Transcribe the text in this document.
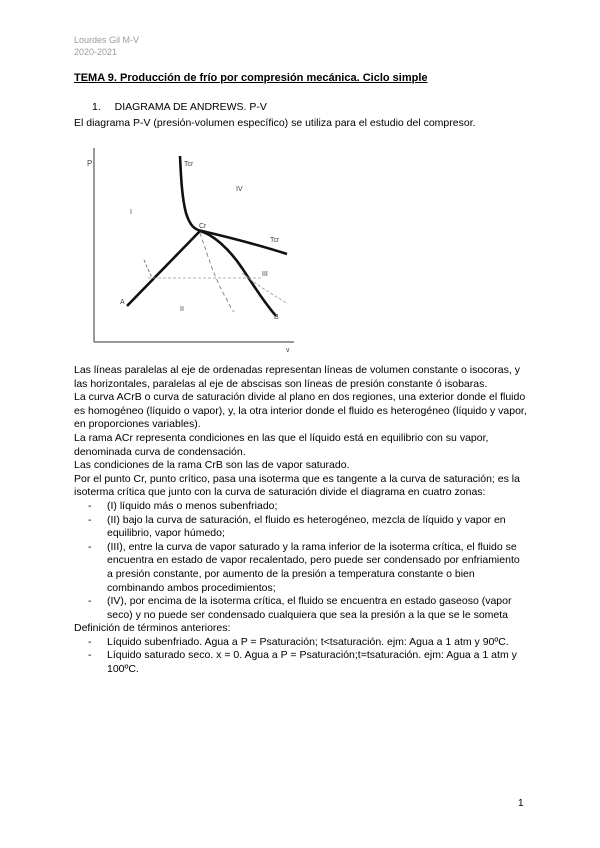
Lourdes Gil M-V
2020-2021
TEMA 9. Producción de frío por compresión mecánica. Ciclo simple
1. DIAGRAMA DE ANDREWS. P-V
El diagrama P-V (presión-volumen específico) se utiliza para el estudio del compresor.
P
v
Tcr
Tcr
Cr
A
B
I
II
III
IV

Las líneas paralelas al eje de ordenadas representan líneas de volumen constante o isocoras, y las horizontales, paralelas al eje de abscisas son líneas de presión constante ó isobaras.

La curva ACrB o curva de saturación divide al plano en dos regiones, una exterior donde el fluido es homogéneo (líquido o vapor), y, la otra interior donde el fluido es heterogéneo (líquido y vapor, en proporciones variables).

La rama ACr representa condiciones en las que el líquido está en equilibrio con su vapor, denominada curva de condensación.

Las condiciones de la rama CrB son las de vapor saturado.

Por el punto Cr, punto crítico, pasa una isoterma que es tangente a la curva de saturación; es la isoterma crítica que junto con la curva de saturación divide el diagrama en cuatro zonas:

- (I) líquido más o menos subenfriado;
- (II) bajo la curva de saturación, el fluido es heterogéneo, mezcla de líquido y vapor en equilibrio, vapor húmedo;
- (III), entre la curva de vapor saturado y la rama inferior de la isoterma crítica, el fluido se encuentra en estado de vapor recalentado, pero puede ser condensado por enfriamiento a presión constante, por aumento de la presión a temperatura constante o bien combinando ambos procedimientos;
- (IV), por encima de la isoterma crítica, el fluido se encuentra en estado gaseoso (vapor seco) y no puede ser condensado cualquiera que sea la presión a la que se le someta

Definición de términos anteriores:

- Líquido subenfriado. Agua a P = Psaturación; t<tsaturación. ejm: Agua a 1 atm y 90ºC.
- Líquido saturado seco. x = 0. Agua a P = Psaturación;t=tsaturación. ejm: Agua a 1 atm y 100ºC.
1
